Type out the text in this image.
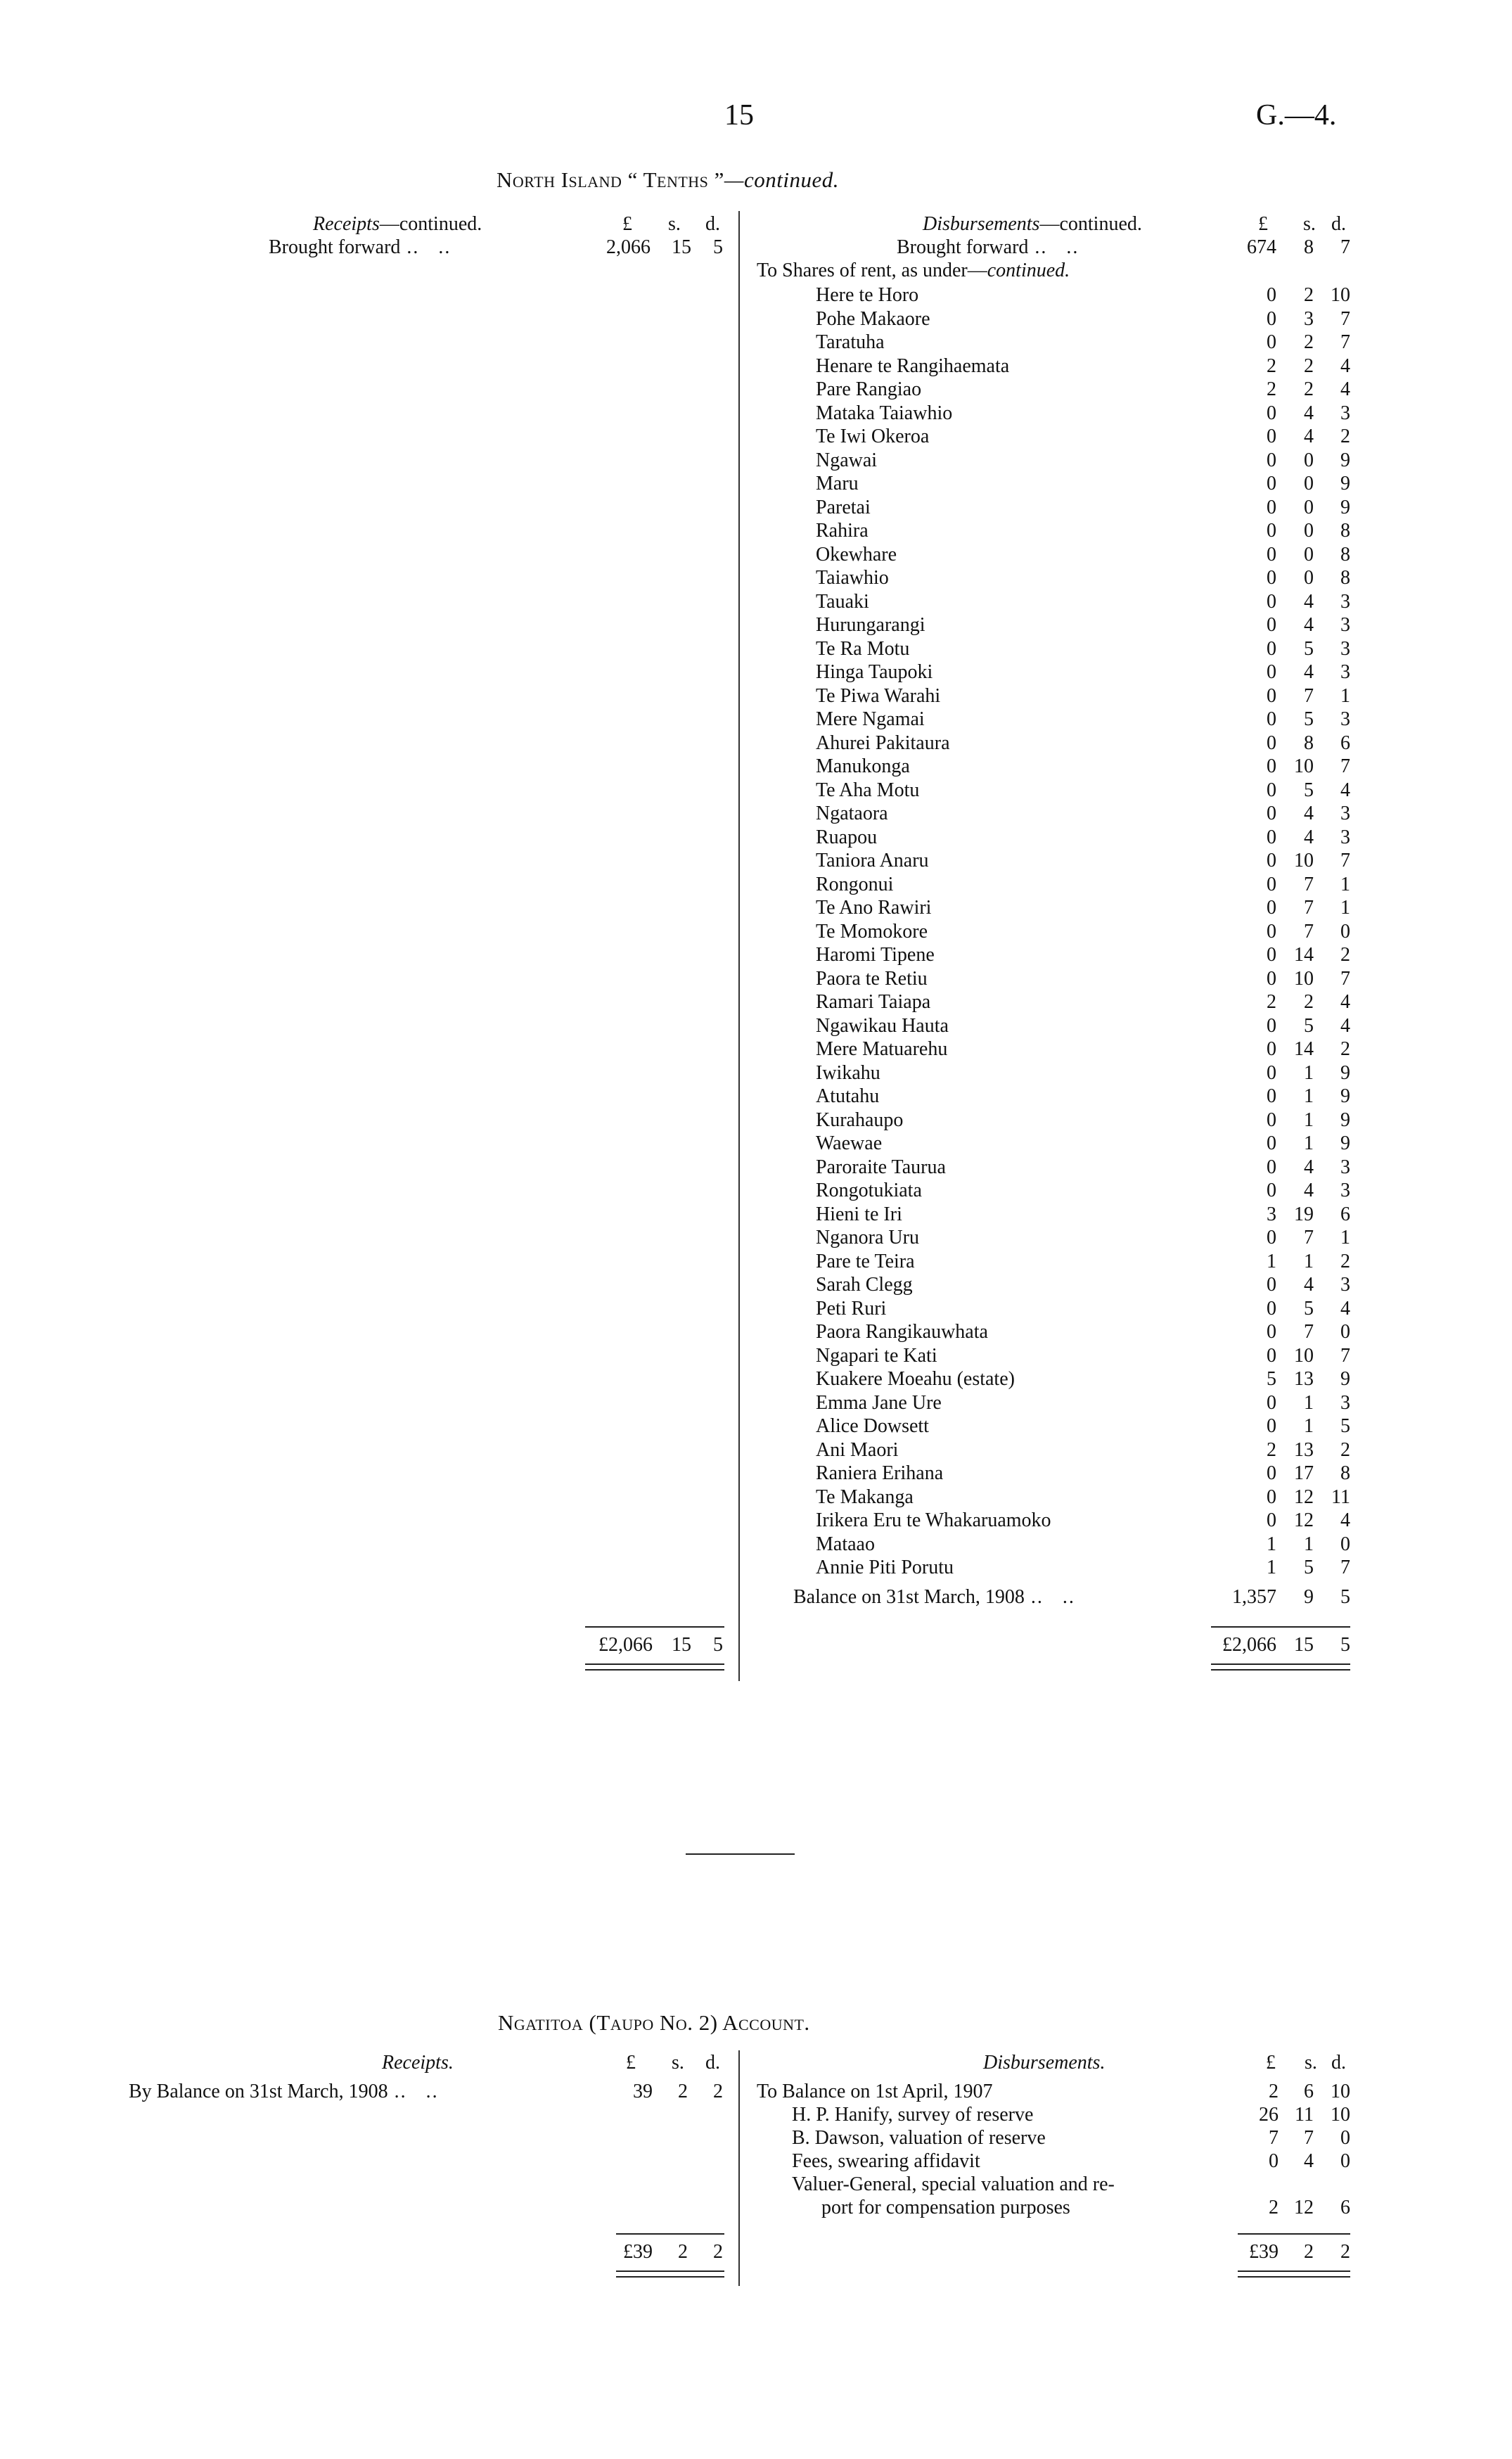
15	G.—4.
North Island “ Tenths ”—continued.
Receipts—continued.	£ s. d.
Brought forward ..   ..	2,066	15	5
£2,066 15	5
Disbursements—continued.	£ s. d.
Brought forward ..   ..	674	8	7
To Shares of rent, as under—continued.
Here te Horo	0	2 10
Pohe Makaore	0	3	7
Taratuha	0	2	7
Henare te Rangihaemata	2	2	4
Pare Rangiao	2	2	4
Mataka Taiawhio	0	4	3
Te Iwi Okeroa	0	4	2
Ngawai	0	0	9
Maru	0	0	9
Paretai	0	0	9
Rahira	0	0	8
Okewhare	0	0	8
Taiawhio	0	0	8
Tauaki	0	4	3
Hurungarangi	0	4	3
Te Ra Motu	0	5	3
Hinga Taupoki	0	4	3
Te Piwa Warahi	0	7	1
Mere Ngamai	0	5	3
Ahurei Pakitaura	0	8	6
Manukonga	0 10	7
Te Aha Motu	0	5	4
Ngataora	0	4	3
Ruapou	0	4	3
Taniora Anaru	0 10	7
Rongonui	0	7	1
Te Ano Rawiri	0	7	1
Te Momokore	0	7	0
Haromi Tipene	0 14	2
Paora te Retiu	0 10	7
Ramari Taiapa	2	2	4
Ngawikau Hauta	0	5	4
Mere Matuarehu	0 14	2
Iwikahu	0	1	9
Atutahu	0	1	9
Kurahaupo	0	1	9
Waewae	0	1	9
Paroraite Taurua	0	4	3
Rongotukiata	0	4	3
Hieni te Iri	3 19	6
Nganora Uru	0	7	1
Pare te Teira	1	1	2
Sarah Clegg	0	4	3
Peti Ruri	0	5	4
Paora Rangikauwhata	0	7	0
Ngapari te Kati	0 10	7
Kuakere Moeahu (estate)	5 13	9
Emma Jane Ure	0	1	3
Alice Dowsett	0	1	5
Ani Maori	2 13	2
Raniera Erihana	0 17	8
Te Makanga	0 12 11
Irikera Eru te Whakaruamoko	0 12	4
Mataao	1	1	0
Annie Piti Porutu	1	5	7
Balance on 31st March, 1908 ..   ..	1,357	9	5
£2,066 15	5
Ngatitoa (Taupo No. 2) Account.
Receipts.	£ s. d.
By Balance on 31st March, 1908 ..   ..	39	2	2
£39	2	2
Disbursements.	£ s. d.
To Balance on 1st April, 1907	2	6 10
H. P. Hanify, survey of reserve	26 11 10
B. Dawson, valuation of reserve	7	7	0
Fees, swearing affidavit	0	4	0
Valuer-General, special valuation and re-
port for compensation purposes	2 12	6
£39	2	2
